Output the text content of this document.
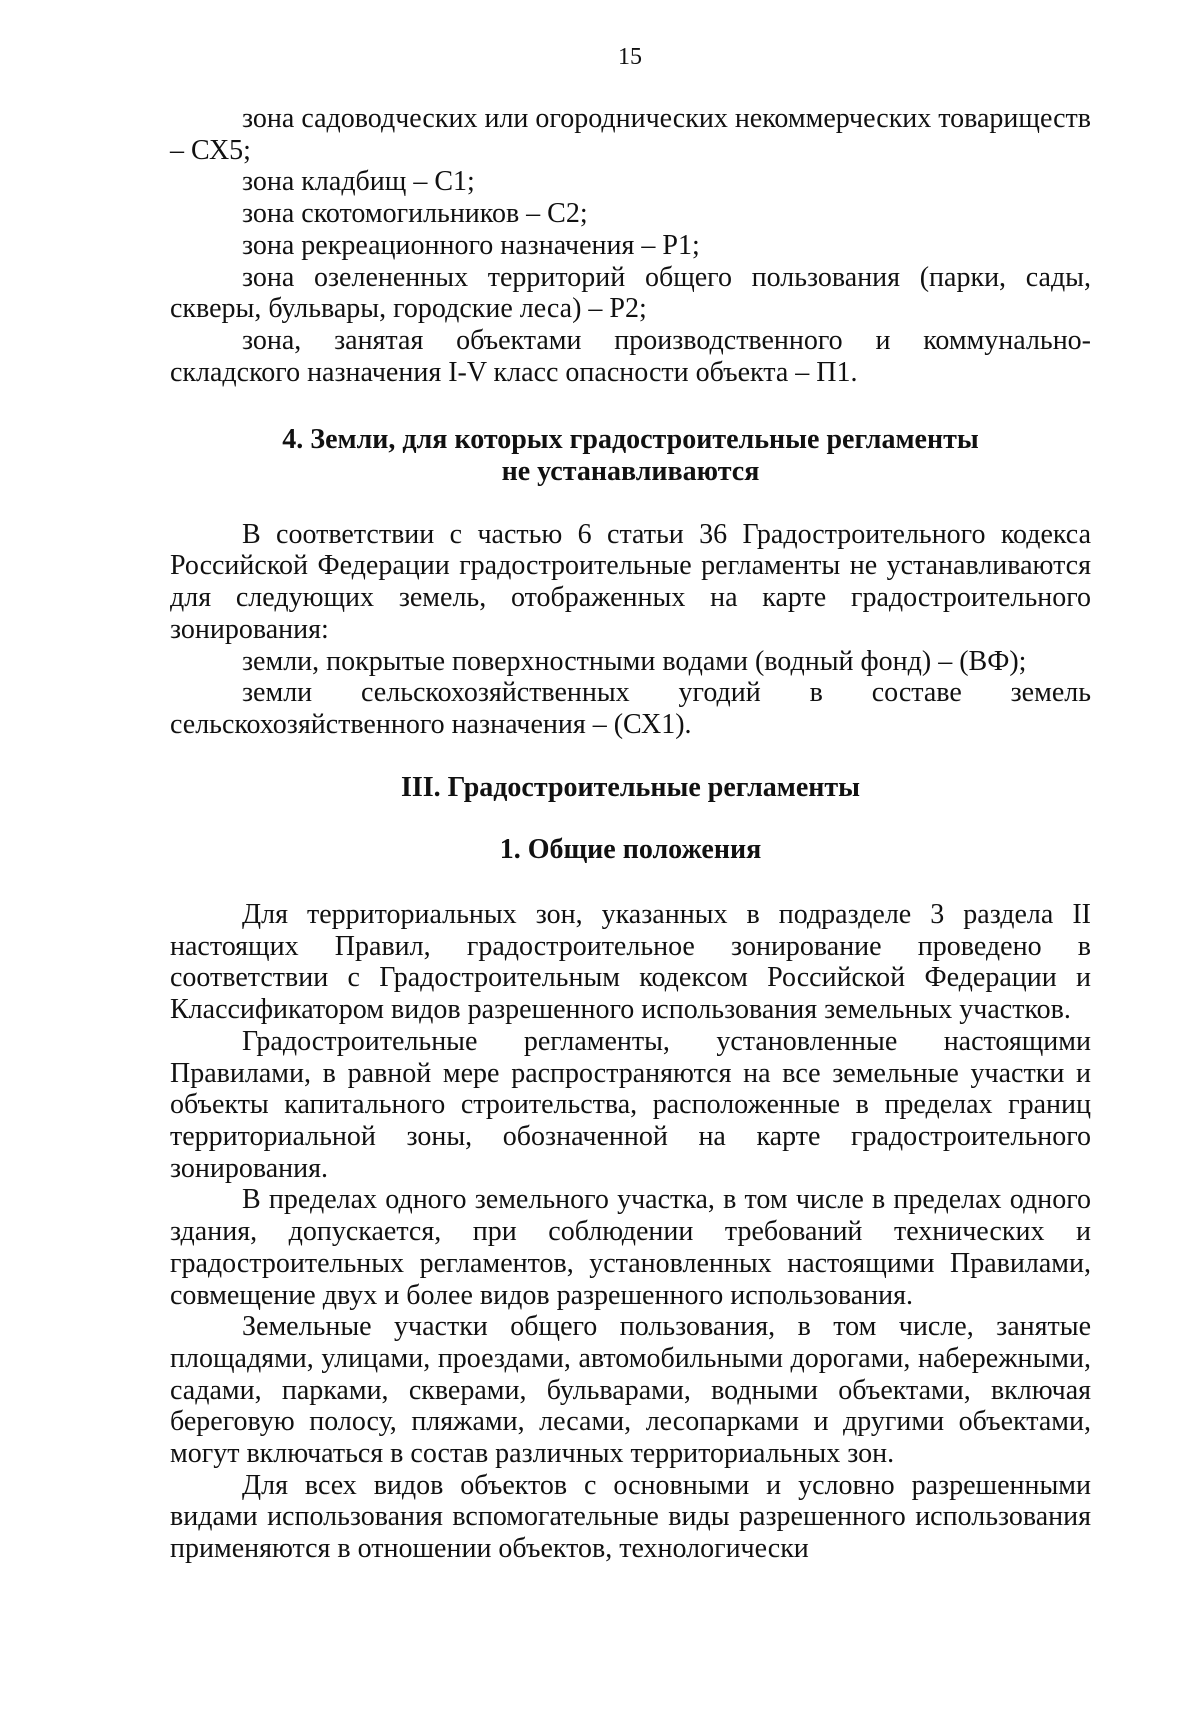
15

зона садоводческих или огороднических некоммерческих товариществ – СХ5;

зона кладбищ – С1;

зона скотомогильников – С2;

зона рекреационного назначения – Р1;

зона озелененных территорий общего пользования (парки, сады, скверы, бульвары, городские леса) – Р2;

зона, занятая объектами производственного и коммунально-складского назначения I-V класс опасности объекта – П1.

4. Земли, для которых градостроительные регламенты
не устанавливаются

В соответствии с частью 6 статьи 36 Градостроительного кодекса Российской Федерации градостроительные регламенты не устанавливаются для следующих земель, отображенных на карте градостроительного зонирования:

земли, покрытые поверхностными водами (водный фонд) – (ВФ);

земли сельскохозяйственных угодий в составе земель сельскохозяйственного назначения – (СХ1).

III. Градостроительные регламенты

1. Общие положения

Для территориальных зон, указанных в подразделе 3 раздела II настоящих Правил, градостроительное зонирование проведено в соответствии с Градостроительным кодексом Российской Федерации и Классификатором видов разрешенного использования земельных участков.

Градостроительные регламенты, установленные настоящими Правилами, в равной мере распространяются на все земельные участки и объекты капитального строительства, расположенные в пределах границ территориальной зоны, обозначенной на карте градостроительного зонирования.

В пределах одного земельного участка, в том числе в пределах одного здания, допускается, при соблюдении требований технических и градостроительных регламентов, установленных настоящими Правилами, совмещение двух и более видов разрешенного использования.

Земельные участки общего пользования, в том числе, занятые площадями, улицами, проездами, автомобильными дорогами, набережными, садами, парками, скверами, бульварами, водными объектами, включая береговую полосу, пляжами, лесами, лесопарками и другими объектами, могут включаться в состав различных территориальных зон.

Для всех видов объектов с основными и условно разрешенными видами использования вспомогательные виды разрешенного использования применяются в отношении объектов, технологически
